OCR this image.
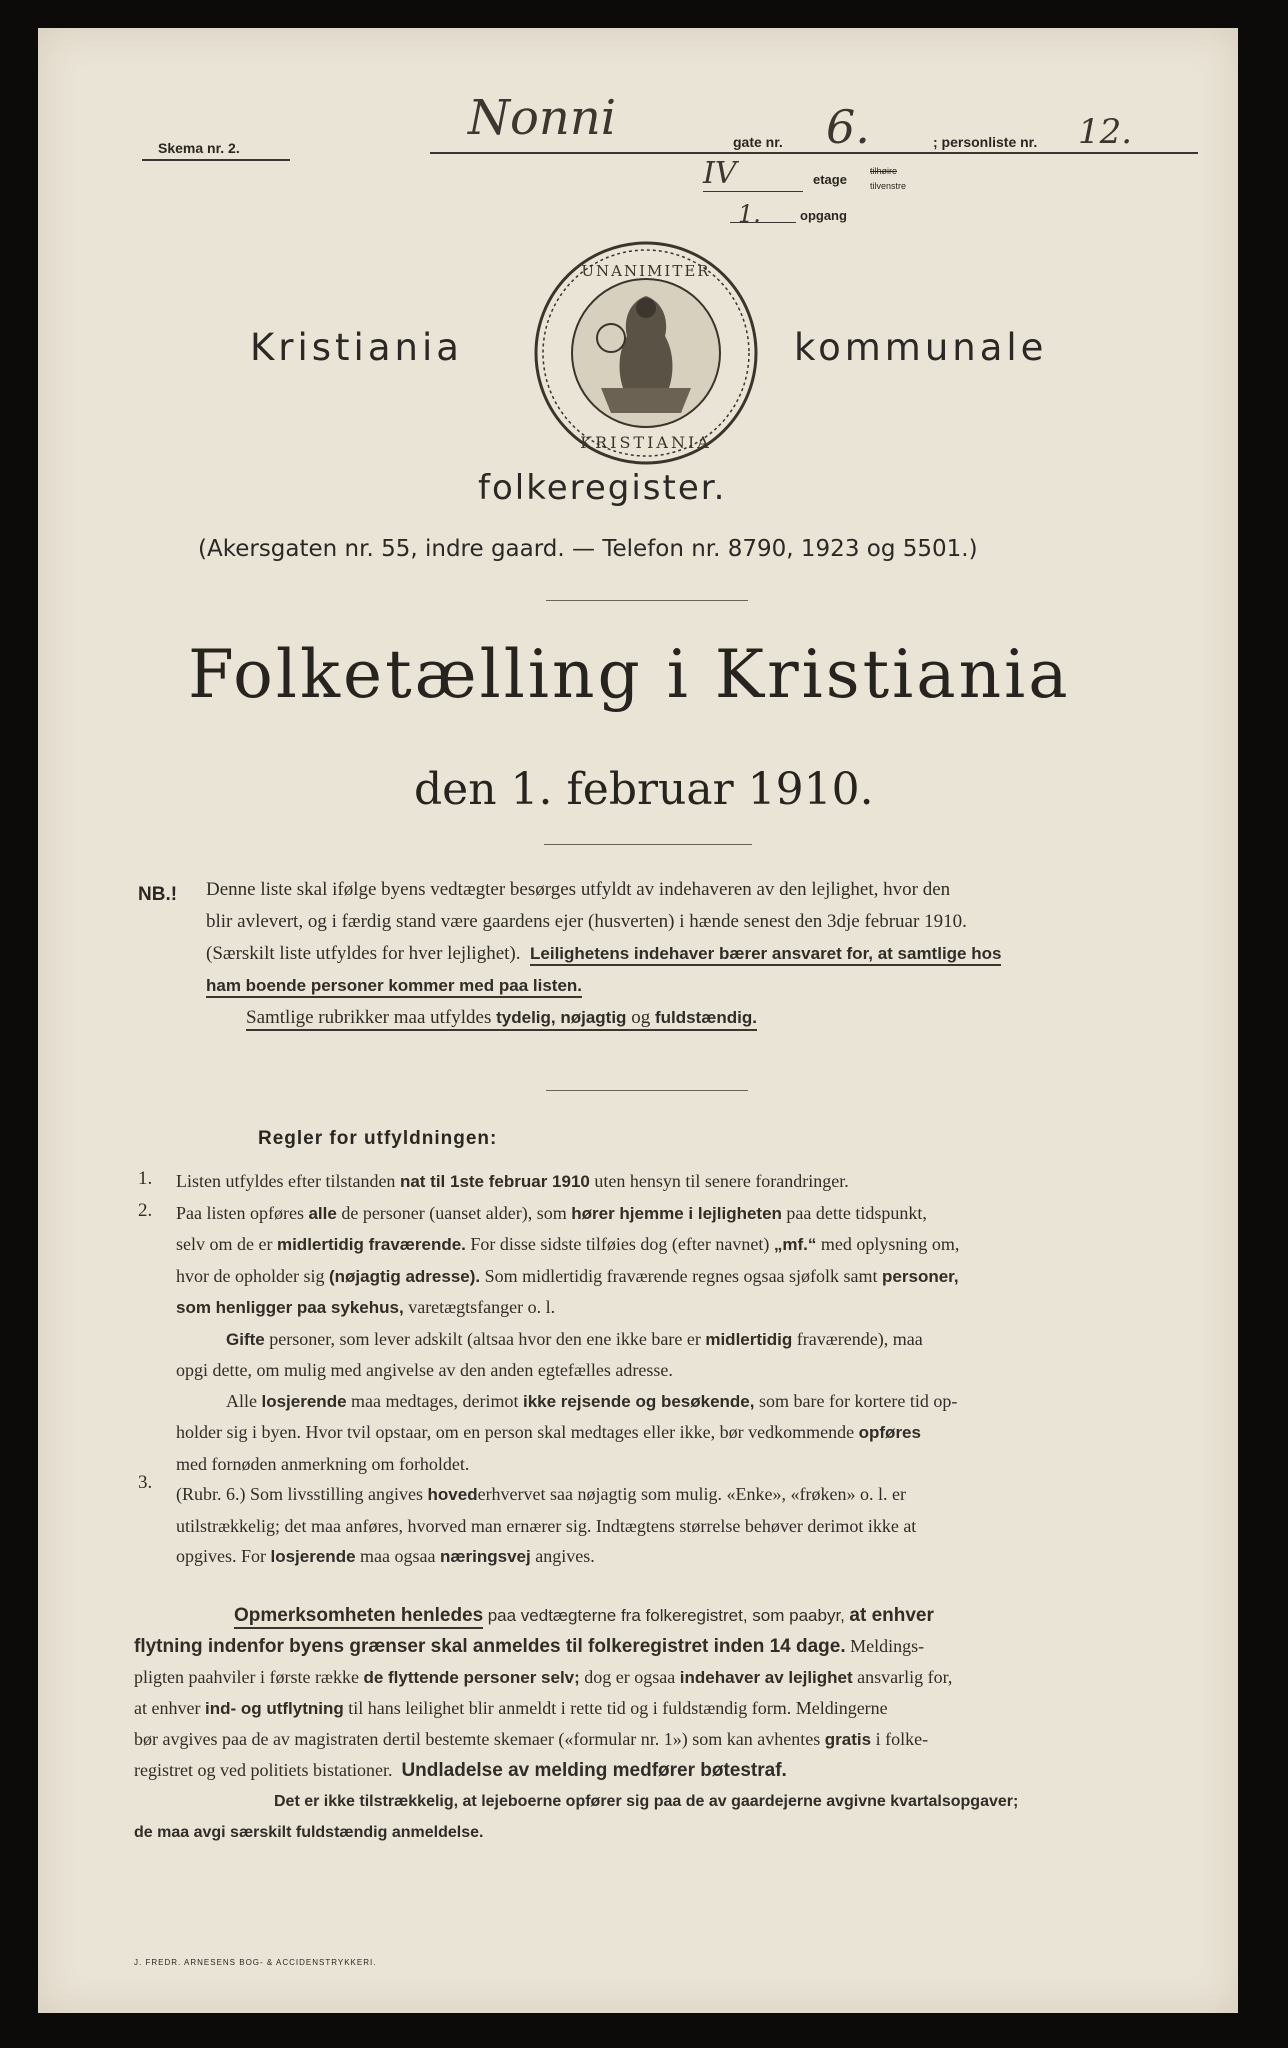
Skema nr. 2.
Nonni	gate nr. 6.	; personliste nr. 12.
IV	etage
tilhøire
tilvenstre
1.	opgang
Kristiania	kommunale
UNANIMITER
KRISTIANIA
folkeregister.
(Akersgaten nr. 55, indre gaard. — Telefon nr. 8790, 1923 og 5501.)
Folketælling i Kristiania
den 1. februar 1910.
NB.! Denne liste skal ifølge byens vedtægter besørges utfyldt av indehaveren av den lejlighet, hvor den
blir avlevert, og i færdig stand være gaardens ejer (husverten) i hænde senest den 3dje februar 1910.
(Særskilt liste utfyldes for hver lejlighet). Leilighetens indehaver bærer ansvaret for, at samtlige hos
ham boende personer kommer med paa listen.
Samtlige rubrikker maa utfyldes tydelig, nøjagtig og fuldstændig.
Regler for utfyldningen:
1.
2.
3.
Listen utfyldes efter tilstanden nat til 1ste februar 1910 uten hensyn til senere forandringer.
Paa listen opføres alle de personer (uanset alder), som hører hjemme i lejligheten paa dette tidspunkt,
selv om de er midlertidig fraværende. For disse sidste tilføies dog (efter navnet) „mf.“ med oplysning om,
hvor de opholder sig (nøjagtig adresse). Som midlertidig fraværende regnes ogsaa sjøfolk samt personer,
som henligger paa sykehus, varetægtsfanger o. l.
Gifte personer, som lever adskilt (altsaa hvor den ene ikke bare er midlertidig fraværende), maa
opgi dette, om mulig med angivelse av den anden egtefælles adresse.
Alle losjerende maa medtages, derimot ikke rejsende og besøkende, som bare for kortere tid op-
holder sig i byen. Hvor tvil opstaar, om en person skal medtages eller ikke, bør vedkommende opføres
med fornøden anmerkning om forholdet.
(Rubr. 6.) Som livsstilling angives hovederhvervet saa nøjagtig som mulig. «Enke», «frøken» o. l. er
utilstrækkelig; det maa anføres, hvorved man ernærer sig. Indtægtens størrelse behøver derimot ikke at
opgives. For losjerende maa ogsaa næringsvej angives.
Opmerksomheten henledes paa vedtægterne fra folkeregistret, som paabyr, at enhver
flytning indenfor byens grænser skal anmeldes til folkeregistret inden 14 dage. Meldings-
pligten paahviler i første række de flyttende personer selv; dog er ogsaa indehaver av lejlighet ansvarlig for,
at enhver ind- og utflytning til hans leilighet blir anmeldt i rette tid og i fuldstændig form. Meldingerne
bør avgives paa de av magistraten dertil bestemte skemaer («formular nr. 1») som kan avhentes gratis i folke-
registret og ved politiets bistationer. Undladelse av melding medfører bøtestraf.
Det er ikke tilstrækkelig, at lejeboerne opfører sig paa de av gaardejerne avgivne kvartalsopgaver;
de maa avgi særskilt fuldstændig anmeldelse.
J. FREDR. ARNESENS BOG- & ACCIDENSTRYKKERI.
